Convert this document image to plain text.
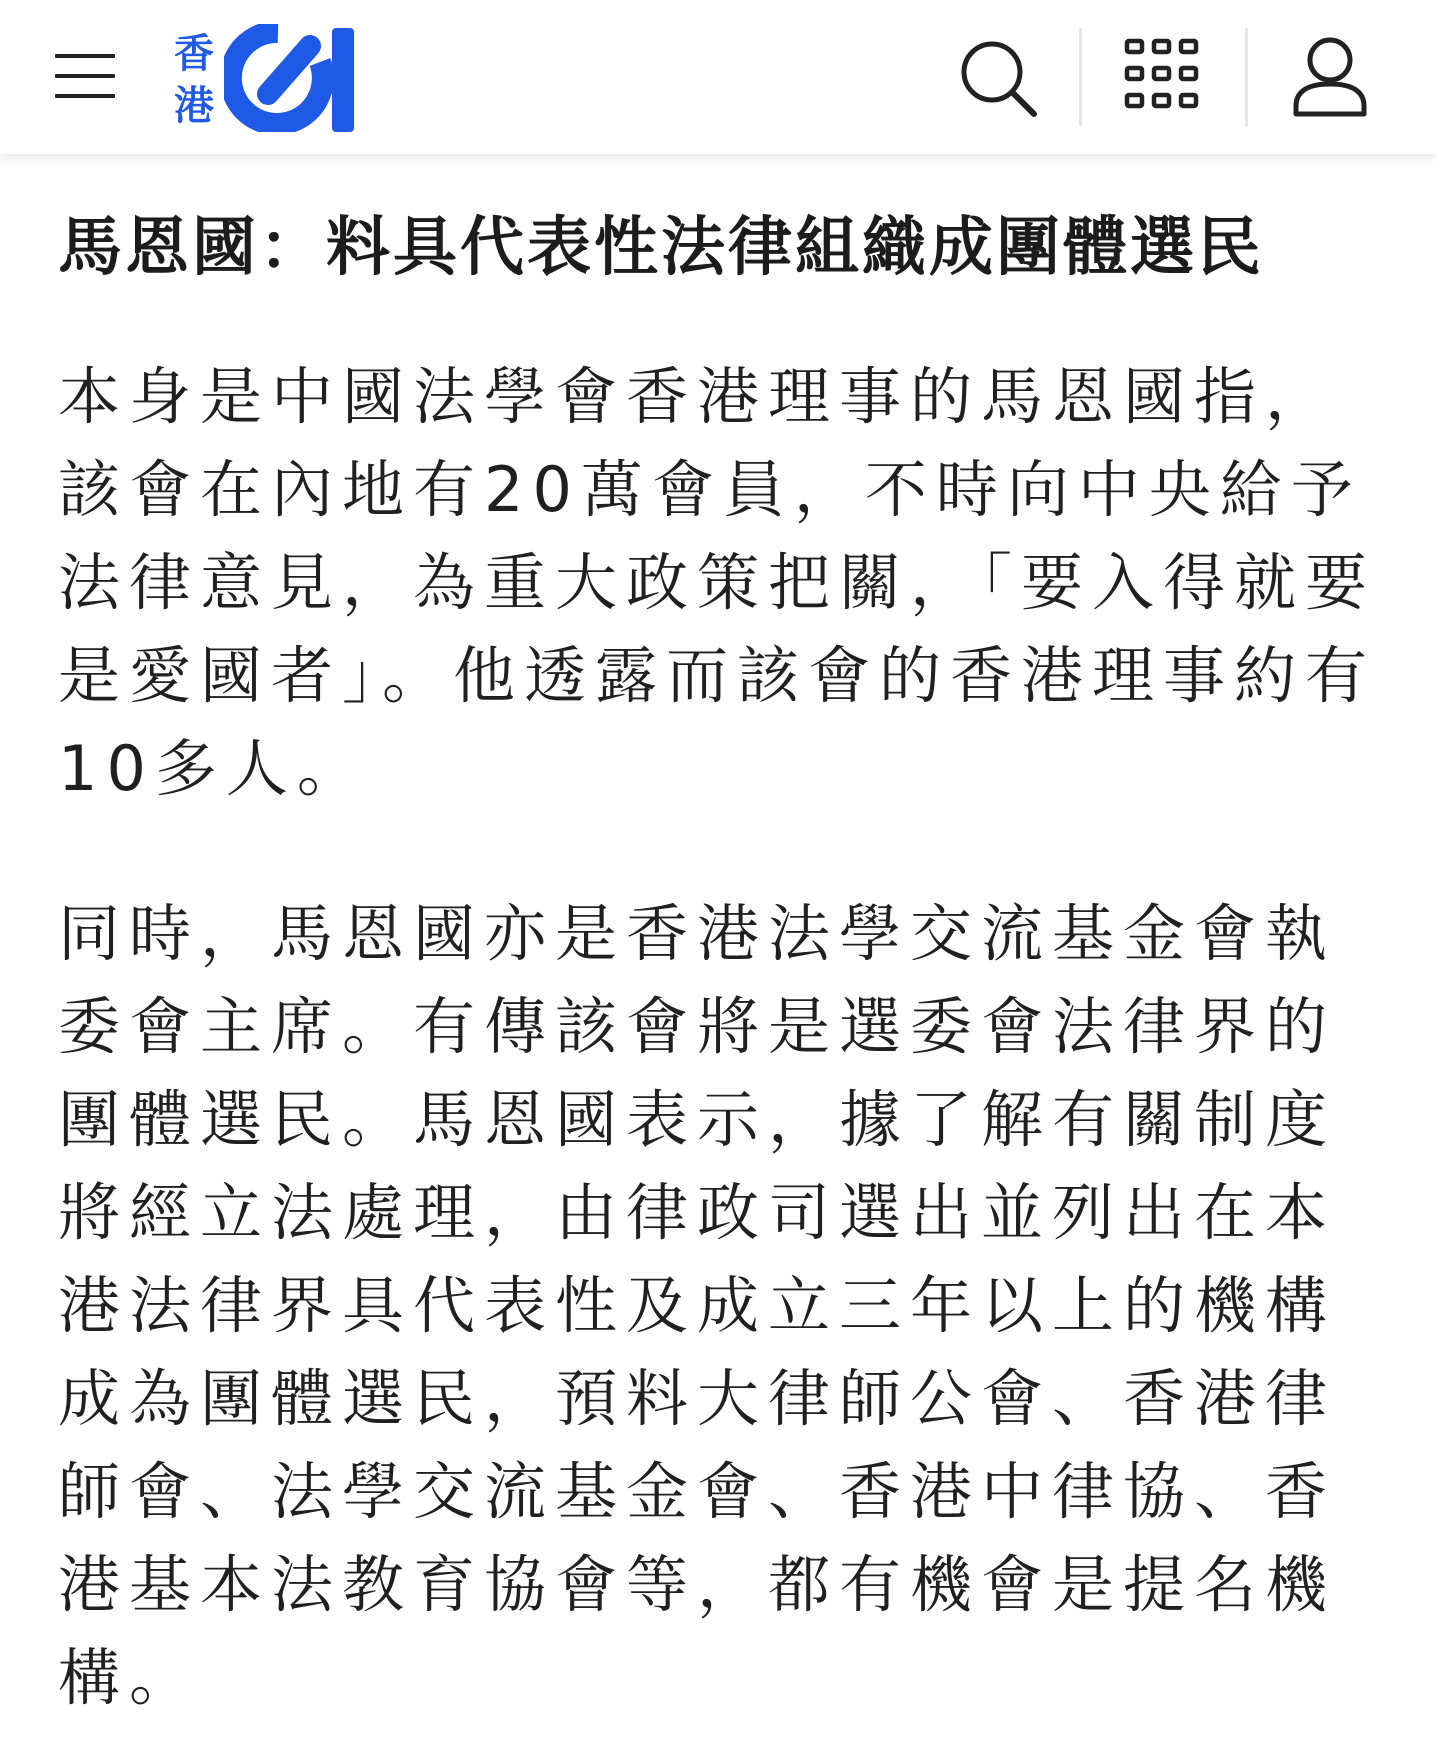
香
港
馬恩國：料具代表性法律組織成團體選民

本身是中國法學會香港理事的馬恩國指，該會在內地有20萬會員，不時向中央給予法律意見，為重大政策把關，「要入得就要是愛國者」。他透露而該會的香港理事約有10多人。

同時，馬恩國亦是香港法學交流基金會執委會主席。有傳該會將是選委會法律界的團體選民。馬恩國表示，據了解有關制度將經立法處理，由律政司選出並列出在本港法律界具代表性及成立三年以上的機構成為團體選民，預料大律師公會、香港律師會、法學交流基金會、香港中律協、香港基本法教育協會等，都有機會是提名機構。
